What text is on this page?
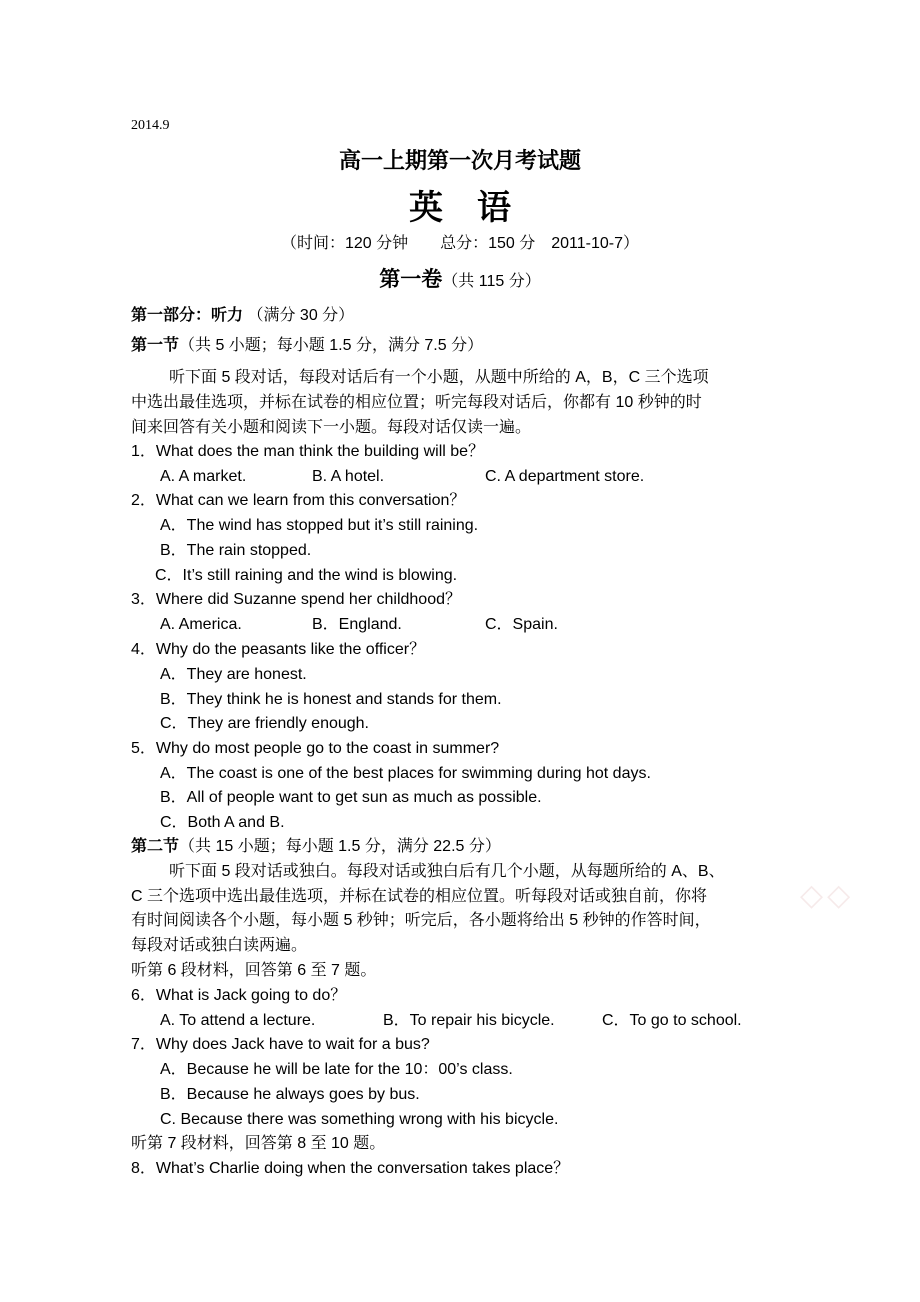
2014.9
高一上期第一次月考试题
英　语
（时间：120 分钟　　总分：150 分　2011-10-7）
第一卷（共 115 分）
第一部分：听力 （满分 30 分）
第一节（共 5 小题；每小题 1.5 分，满分 7.5 分）
听下面 5 段对话，每段对话后有一个小题，从题中所给的 A，B，C 三个选项
中选出最佳选项，并标在试卷的相应位置；听完每段对话后，你都有 10 秒钟的时
间来回答有关小题和阅读下一小题。每段对话仅读一遍。
1．What does the man think the building will be？
A. A market.	B. A hotel.	C. A department store.
2．What can we learn from this conversation？
A．The wind has stopped but it’s still raining.
B．The rain stopped.
C．It’s still raining and the wind is blowing.
3．Where did Suzanne spend her childhood？
A. America.	B．England.	C．Spain.
4．Why do the peasants like the officer？
A．They are honest.
B．They think he is honest and stands for them.
C．They are friendly enough.
5．Why do most people go to the coast in summer?
A．The coast is one of the best places for swimming during hot days.
B．All of people want to get sun as much as possible.
C．Both A and B.
第二节（共 15 小题；每小题 1.5 分，满分 22.5 分）
听下面 5 段对话或独白。每段对话或独白后有几个小题，从每题所给的 A、B、
C 三个选项中选出最佳选项，并标在试卷的相应位置。听每段对话或独自前，你将
有时间阅读各个小题，每小题 5 秒钟；听完后，各小题将给出 5 秒钟的作答时间，
每段对话或独白读两遍。
◇◇
听第 6 段材料，回答第 6 至 7 题。
6．What is Jack going to do？
A. To attend a lecture.	B．To repair his bicycle.	C．To go to school.
7．Why does Jack have to wait for a bus?
A．Because he will be late for the 10：00’s class.
B．Because he always goes by bus.
C. Because there was something wrong with his bicycle.
听第 7 段材料，回答第 8 至 10 题。
8．What’s Charlie doing when the conversation takes place？
